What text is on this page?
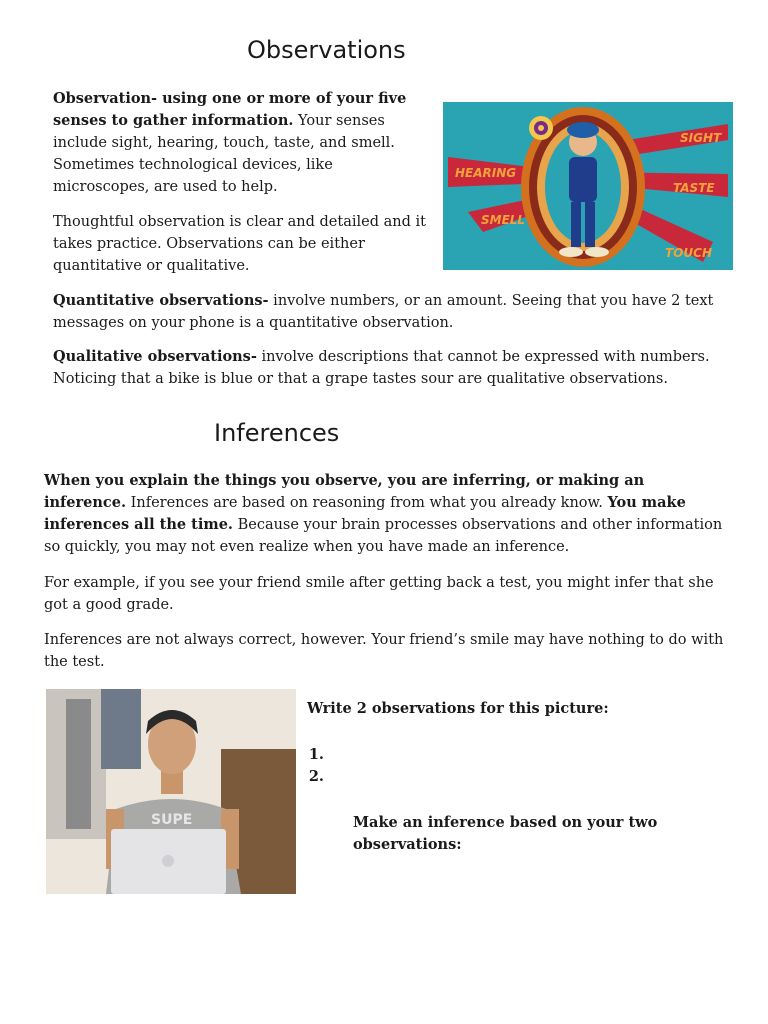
Observations

Observation- using one or more of your five senses to gather information. Your senses include sight, hearing, touch, taste, and smell. Sometimes technological devices, like microscopes, are used to help.

Thoughtful observation is clear and detailed and it takes practice. Observations can be either quantitative or qualitative.

SIGHT
HEARING
TASTE
SMELL
TOUCH

Quantitative observations- involve numbers, or an amount. Seeing that you have 2 text messages on your phone is a quantitative observation.

Qualitative observations- involve descriptions that cannot be expressed with numbers. Noticing that a bike is blue or that a grape tastes sour are qualitative observations.

Inferences

When you explain the things you observe, you are inferring, or making an inference. Inferences are based on reasoning from what you already know. You make inferences all the time. Because your brain processes observations and other information so quickly, you may not even realize when you have made an inference.

For example, if you see your friend smile after getting back a test, you might infer that she got a good grade.

Inferences are not always correct, however. Your friend’s smile may have nothing to do with the test.

SUPE

Write 2 observations for this picture:

1.
2.

Make an inference based on your two observations:
